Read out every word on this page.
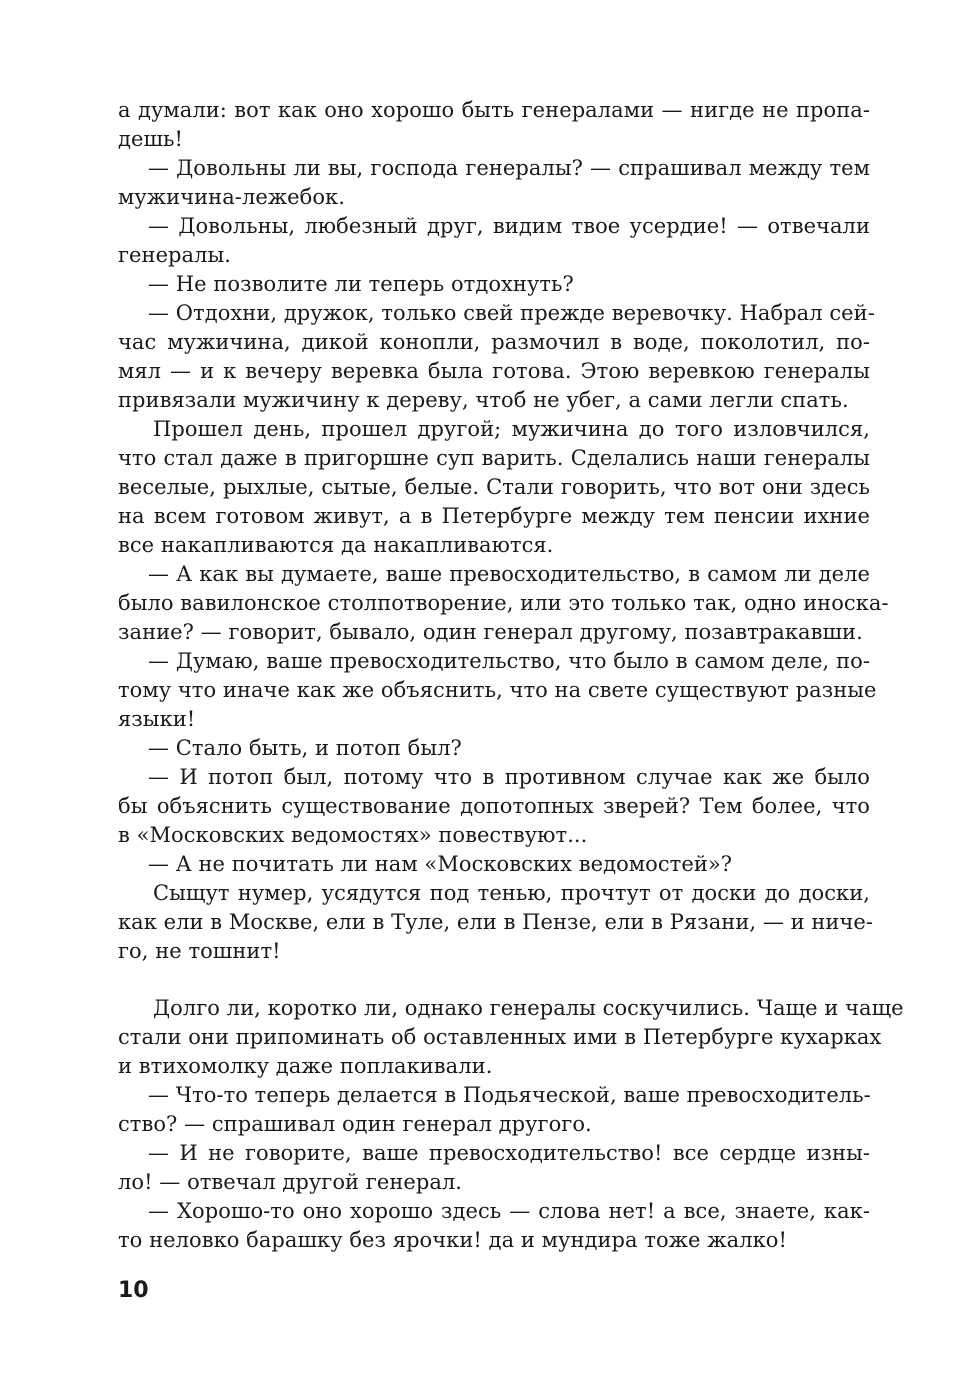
а думали: вот как оно хорошо быть генералами — нигде не пропа-
дешь!
— Довольны ли вы, господа генералы? — спрашивал между тем
мужичина-лежебок.
— Довольны, любезный друг, видим твое усердие! — отвечали
генералы.
— Не позволите ли теперь отдохнуть?
— Отдохни, дружок, только свей прежде веревочку. Набрал сей-
час мужичина, дикой конопли, размочил в воде, поколотил, по-
мял — и к вечеру веревка была готова. Этою веревкою генералы
привязали мужичину к дереву, чтоб не убег, а сами легли спать.
Прошел день, прошел другой; мужичина до того изловчился,
что стал даже в пригоршне суп варить. Сделались наши генералы
веселые, рыхлые, сытые, белые. Стали говорить, что вот они здесь
на всем готовом живут, а в Петербурге между тем пенсии ихние
все накапливаются да накапливаются.
— А как вы думаете, ваше превосходительство, в самом ли деле
было вавилонское столпотворение, или это только так, одно иноска-
зание? — говорит, бывало, один генерал другому, позавтракавши.
— Думаю, ваше превосходительство, что было в самом деле, по-
тому что иначе как же объяснить, что на свете существуют разные
языки!
— Стало быть, и потоп был?
— И потоп был, потому что в противном случае как же было
бы объяснить существование допотопных зверей? Тем более, что
в «Московских ведомостях» повествуют...
— А не почитать ли нам «Московских ведомостей»?
Сыщут нумер, усядутся под тенью, прочтут от доски до доски,
как ели в Москве, ели в Туле, ели в Пензе, ели в Рязани, — и ниче-
го, не тошнит!
Долго ли, коротко ли, однако генералы соскучились. Чаще и чаще
стали они припоминать об оставленных ими в Петербурге кухарках
и втихомолку даже поплакивали.
— Что-то теперь делается в Подьяческой, ваше превосходитель-
ство? — спрашивал один генерал другого.
— И не говорите, ваше превосходительство! все сердце изны-
ло! — отвечал другой генерал.
— Хорошо-то оно хорошо здесь — слова нет! а все, знаете, как-
то неловко барашку без ярочки! да и мундира тоже жалко!
10
